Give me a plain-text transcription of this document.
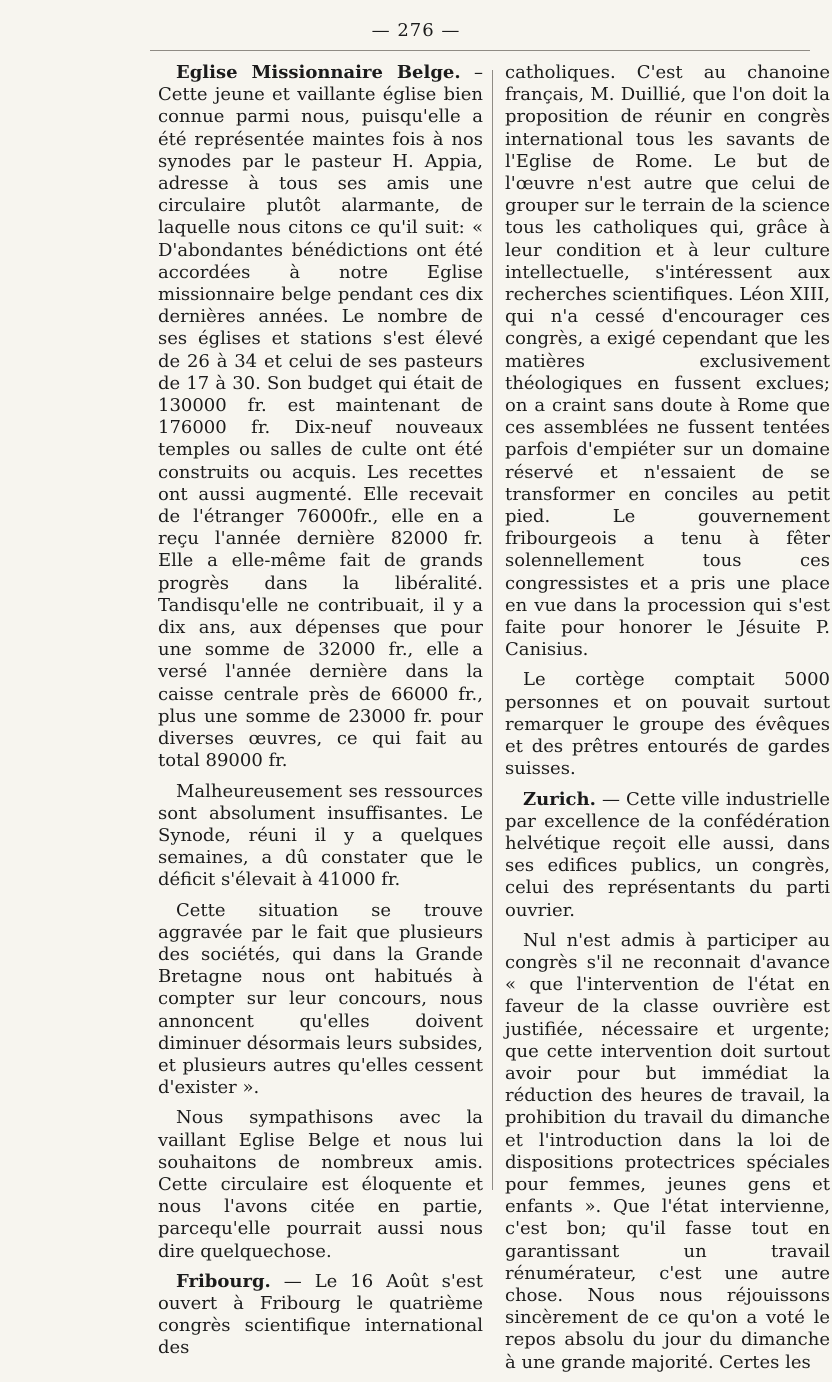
— 276 —

Eglise Missionnaire Belge. – Cette jeune et vaillante église bien connue parmi nous, puisqu'elle a été représentée maintes fois à nos synodes par le pasteur H. Appia, adresse à tous ses amis une circulaire plutôt alarmante, de laquelle nous citons ce qu'il suit: « D'abondantes bénédictions ont été accordées à notre Eglise missionnaire belge pendant ces dix dernières années. Le nombre de ses églises et stations s'est élevé de 26 à 34 et celui de ses pasteurs de 17 à 30. Son budget qui était de 130000 fr. est maintenant de 176000 fr. Dix-neuf nouveaux temples ou salles de culte ont été construits ou acquis. Les recettes ont aussi augmenté. Elle recevait de l'étranger 76000fr., elle en a reçu l'année dernière 82000 fr. Elle a elle-même fait de grands progrès dans la libéralité. Tandisqu'elle ne contribuait, il y a dix ans, aux dépenses que pour une somme de 32000 fr., elle a versé l'année dernière dans la caisse centrale près de 66000 fr., plus une somme de 23000 fr. pour diverses œuvres, ce qui fait au total 89000 fr.

Malheureusement ses ressources sont absolument insuffisantes. Le Synode, réuni il y a quelques semaines, a dû constater que le déficit s'élevait à 41000 fr.

Cette situation se trouve aggravée par le fait que plusieurs des sociétés, qui dans la Grande Bretagne nous ont habitués à compter sur leur concours, nous annoncent qu'elles doivent diminuer désormais leurs subsides, et plusieurs autres qu'elles cessent d'exister ».

Nous sympathisons avec la vaillant Eglise Belge et nous lui souhaitons de nombreux amis. Cette circulaire est éloquente et nous l'avons citée en partie, parcequ'elle pourrait aussi nous dire quelquechose.

Fribourg. — Le 16 Août s'est ouvert à Fribourg le quatrième congrès scientifique international des

catholiques. C'est au chanoine français, M. Duillié, que l'on doit la proposition de réunir en congrès international tous les savants de l'Eglise de Rome. Le but de l'œuvre n'est autre que celui de grouper sur le terrain de la science tous les catholiques qui, grâce à leur condition et à leur culture intellectuelle, s'intéressent aux recherches scientifiques. Léon XIII, qui n'a cessé d'encourager ces congrès, a exigé cependant que les matières exclusivement théologiques en fussent exclues; on a craint sans doute à Rome que ces assemblées ne fussent tentées parfois d'empiéter sur un domaine réservé et n'essaient de se transformer en conciles au petit pied. Le gouvernement fribourgeois a tenu à fêter solennellement tous ces congressistes et a pris une place en vue dans la procession qui s'est faite pour honorer le Jésuite P. Canisius.

Le cortège comptait 5000 personnes et on pouvait surtout remarquer le groupe des évêques et des prêtres entourés de gardes suisses.

Zurich. — Cette ville industrielle par excellence de la confédération helvétique reçoit elle aussi, dans ses edifices publics, un congrès, celui des représentants du parti ouvrier.

Nul n'est admis à participer au congrès s'il ne reconnait d'avance « que l'intervention de l'état en faveur de la classe ouvrière est justifiée, nécessaire et urgente; que cette intervention doit surtout avoir pour but immédiat la réduction des heures de travail, la prohibition du travail du dimanche et l'introduction dans la loi de dispositions protectrices spéciales pour femmes, jeunes gens et enfants ». Que l'état intervienne, c'est bon; qu'il fasse tout en garantissant un travail rénumérateur, c'est une autre chose. Nous nous réjouissons sincèrement de ce qu'on a voté le repos absolu du jour du dimanche à une grande majorité. Certes les
